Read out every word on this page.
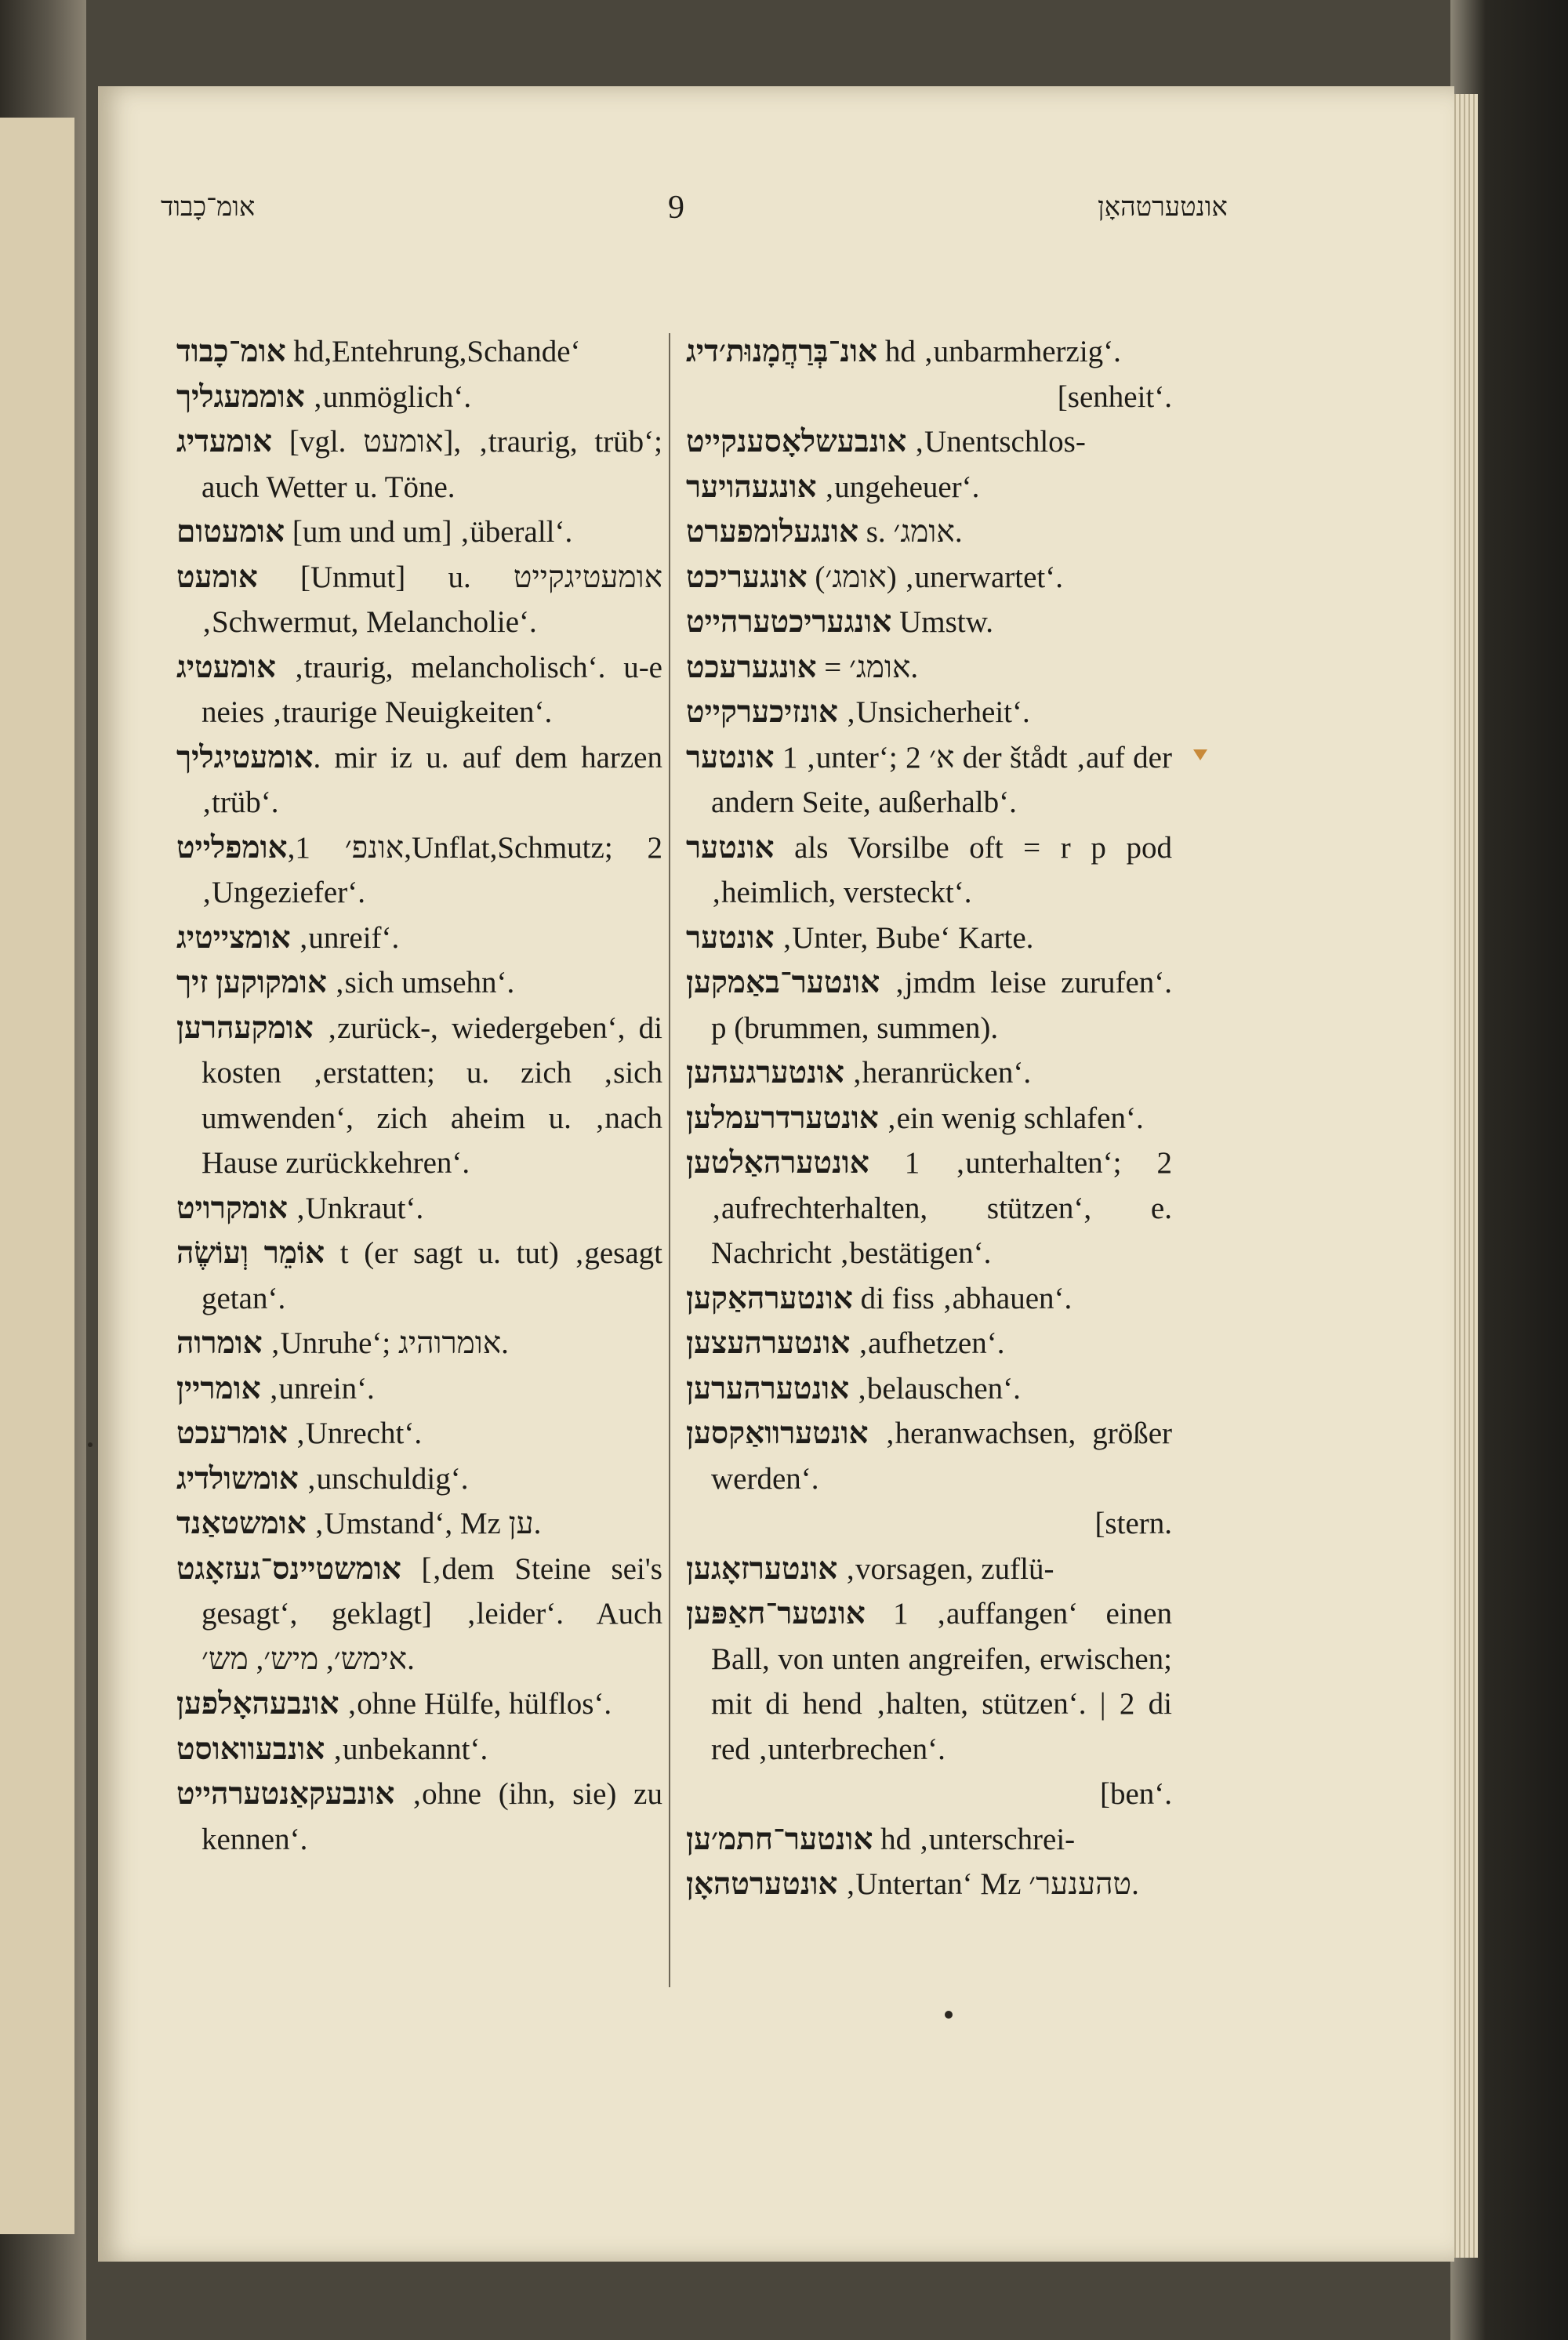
אומ־כָבוד	9	אונטערטהאָן
אומ־כָבוד hd,Entehrung,Schande‘
אוממעגליך ‚unmöglich‘.
אומעדיג [vgl. אומעט], ‚traurig, trüb‘; auch Wetter u. Töne.
אומעטום [um und um] ‚überall‘.
אומעט [Unmut] u. אומעטיגקייט ‚Schwermut, Melancholie‘.
אומעטיג ‚traurig, melancholisch‘. u-e neies ‚traurige Neuigkeiten‘.
אומעטיגליך. mir iz u. auf dem harzen ‚trüb‘.
אומפלייט,אונפ׳ 1,Unflat,Schmutz; 2 ‚Ungeziefer‘.
אומצייטיג ‚unreif‘.
אומקוקען זיך ‚sich umsehn‘.
אומקעהרען ‚zurück-, wiedergeben‘, di kosten ‚erstatten; u. zich ‚sich umwenden‘, zich aheim u. ‚nach Hause zurückkehren‘.
אומקרויט ‚Unkraut‘.
אוֹמֵר וְעוֹשֶׂה t (er sagt u. tut) ‚gesagt getan‘.
אומרוה ‚Unruhe‘; אומרוהיג.
אומריין ‚unrein‘.
אומרעכט ‚Unrecht‘.
אומשולדיג ‚unschuldig‘.
אומשטאַנד ‚Umstand‘, Mz ען.
אומשטיינס־געזאָגט [‚dem Steine sei's gesagt‘, geklagt] ‚leider‘. Auch אימש׳, מיש׳, מש׳.
אונבעהאָלפען ‚ohne Hülfe, hülflos‘.
אונבעוואוסט ‚unbekannt‘.
אונבעקאַנטערהייט ‚ohne (ihn, sie) zu kennen‘.
אונ־בְּרַחֲמָנוּת׳דיג hd ‚unbarmherzig‘.
[senheit‘.
אונבעשלאָסענקייט ‚Unentschlos-
אונגעהויער ‚ungeheuer‘.
אונגעלומפערט s. אומג׳.
אונגעריכט (אומג׳) ‚unerwartet‘.
אונגעריכטערהייט Umstw.
אונגערעכט = אומג׳.
אונזיכערקייט ‚Unsicherheit‘.
אונטער 1 ‚unter‘; 2 א׳ der štådt ‚auf der andern Seite, außerhalb‘.
אונטער als Vorsilbe oft = r p pod ‚heimlich, versteckt‘.
אונטער ‚Unter, Bube‘ Karte.
אונטער־באַמקען ‚jmdm leise zurufen‘. p (brummen, summen).
אונטערגעהען ‚heranrücken‘.
אונטערדרעמלען ‚ein wenig schlafen‘.
אונטערהאַלטען 1 ‚unterhalten‘; 2 ‚aufrechterhalten, stützen‘, e. Nachricht ‚bestätigen‘.
אונטערהאַקען di fiss ‚abhauen‘.
אונטערהעצען ‚aufhetzen‘.
אונטערהערען ‚belauschen‘.
אונטערוואַקסען ‚heranwachsen, größer werden‘.
[stern.
אונטערזאָגען ‚vorsagen, zuflü-
אונטער־חאַפּען 1 ‚auffangen‘ einen Ball, von unten angreifen, erwischen; mit di hend ‚halten, stützen‘. | 2 di red ‚unterbrechen‘.
[ben‘.
אונטער־חתמ׳ען hd ‚unterschrei-
אונטערטהאָן ‚Untertan‘ Mz טהענער׳.
